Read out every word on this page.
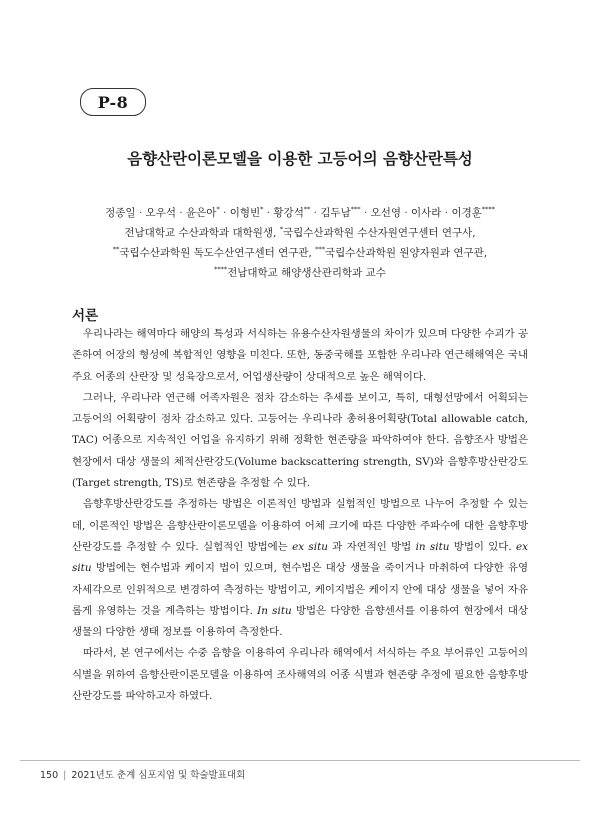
P-8
음향산란이론모델을 이용한 고등어의 음향산란특성
정종일 · 오우석 · 윤은아* · 이형빈* · 황강석** · 김두남*** · 오선영 · 이사라 · 이경훈****
전남대학교 수산과학과 대학원생, *국립수산과학원 수산자원연구센터 연구사,
**국립수산과학원 독도수산연구센터 연구관, ***국립수산과학원 원양자원과 연구관,
****전남대학교 해양생산관리학과 교수
서론

우리나라는 해역마다 해양의 특성과 서식하는 유용수산자원생물의 차이가 있으며 다양한 수괴가 공존하여 어장의 형성에 복합적인 영향을 미친다. 또한, 동중국해를 포함한 우리나라 연근해해역은 국내 주요 어종의 산란장 및 성육장으로서, 어업생산량이 상대적으로 높은 해역이다.

그러나, 우리나라 연근해 어족자원은 점차 감소하는 추세를 보이고, 특히, 대형선망에서 어획되는 고등어의 어획량이 점차 감소하고 있다. 고등어는 우리나라 총허용어획량(Total allowable catch, TAC) 어종으로 지속적인 어업을 유지하기 위해 정확한 현존량을 파악하여야 한다. 음향조사 방법은 현장에서 대상 생물의 체적산란강도(Volume backscattering strength, SV)와 음향후방산란강도(Target strength, TS)로 현존량을 추정할 수 있다.

음향후방산란강도를 추정하는 방법은 이론적인 방법과 실험적인 방법으로 나누어 추정할 수 있는데, 이론적인 방법은 음향산란이론모델을 이용하여 어체 크기에 따른 다양한 주파수에 대한 음향후방산란강도를 추정할 수 있다. 실험적인 방법에는 ex situ 과 자연적인 방법 in situ 방법이 있다. ex situ 방법에는 현수법과 케이지 법이 있으며, 현수법은 대상 생물을 죽이거나 마취하여 다양한 유영 자세각으로 인위적으로 변경하여 측정하는 방법이고, 케이지법은 케이지 안에 대상 생물을 넣어 자유롭게 유영하는 것을 계측하는 방법이다. In situ 방법은 다양한 음향센서를 이용하여 현장에서 대상 생물의 다양한 생태 정보를 이용하여 측정한다.

따라서, 본 연구에서는 수중 음향을 이용하여 우리나라 해역에서 서식하는 주요 부어류인 고등어의 식별을 위하여 음향산란이론모델을 이용하여 조사해역의 어종 식별과 현존량 추정에 필요한 음향후방산란강도를 파악하고자 하였다.

150 | 2021년도 춘계 심포지엄 및 학술발표대회
